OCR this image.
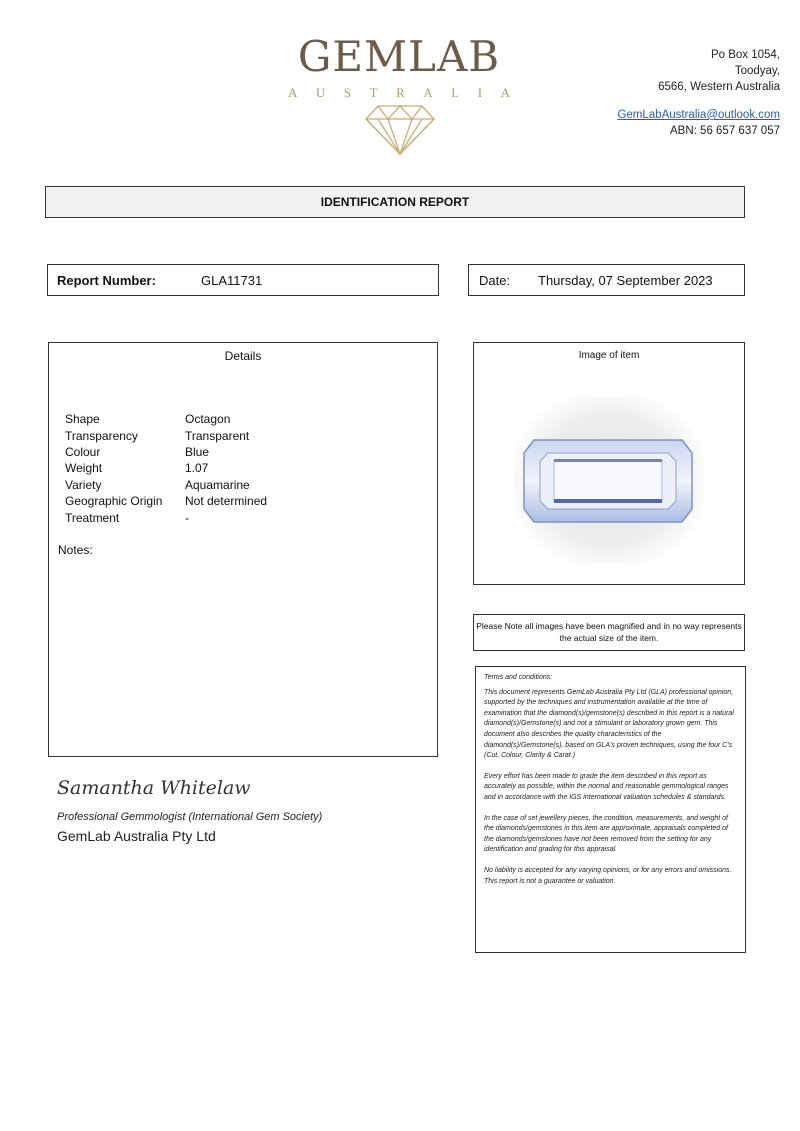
GEMLAB
A U S T R A L I A
Po Box 1054,
Toodyay,
6566, Western Australia
GemLabAustralia@outlook.com
ABN: 56 657 637 057
IDENTIFICATION REPORT
Report Number:	GLA11731	Date: Thursday, 07 September 2023
Details
Shape	Octagon
Transparency	Transparent
Colour	Blue
Weight	1.07
Variety	Aquamarine
Geographic Origin	Not determined
Treatment	-
Notes:
Image of item
Please Note all images have been magnified and in no way represents the actual size of the item.

Terms and conditions:

This document represents GemLab Australia Pty Ltd (GLA) professional opinion, supported by the techniques and instrumentation available at the time of examination that the diamond(s)/gemstone(s) described in this report is a natural diamond(s)/Gemstone(s) and not a stimulant or laboratory grown gem. This document also describes the quality characteristics of the diamond(s)/Gemstone(s), based on GLA's proven techniques, using the four C's (Cut, Colour, Clarity & Carat.)

Every effort has been made to grade the item described in this report as accurately as possible, within the normal and reasonable gemmological ranges and in accordance with the IGS international valuation schedules & standards.

In the case of set jewellery pieces, the condition, measurements, and weight of the diamonds/gemstones in this item are approximate, appraisals completed of the diamonds/gemstones have not been removed from the setting for any identification and grading for this appraisal.

No liability is accepted for any varying opinions, or for any errors and omissions. This report is not a guarantee or valuation.

Samantha Whitelaw
Professional Gemmologist (International Gem Society)
GemLab Australia Pty Ltd
